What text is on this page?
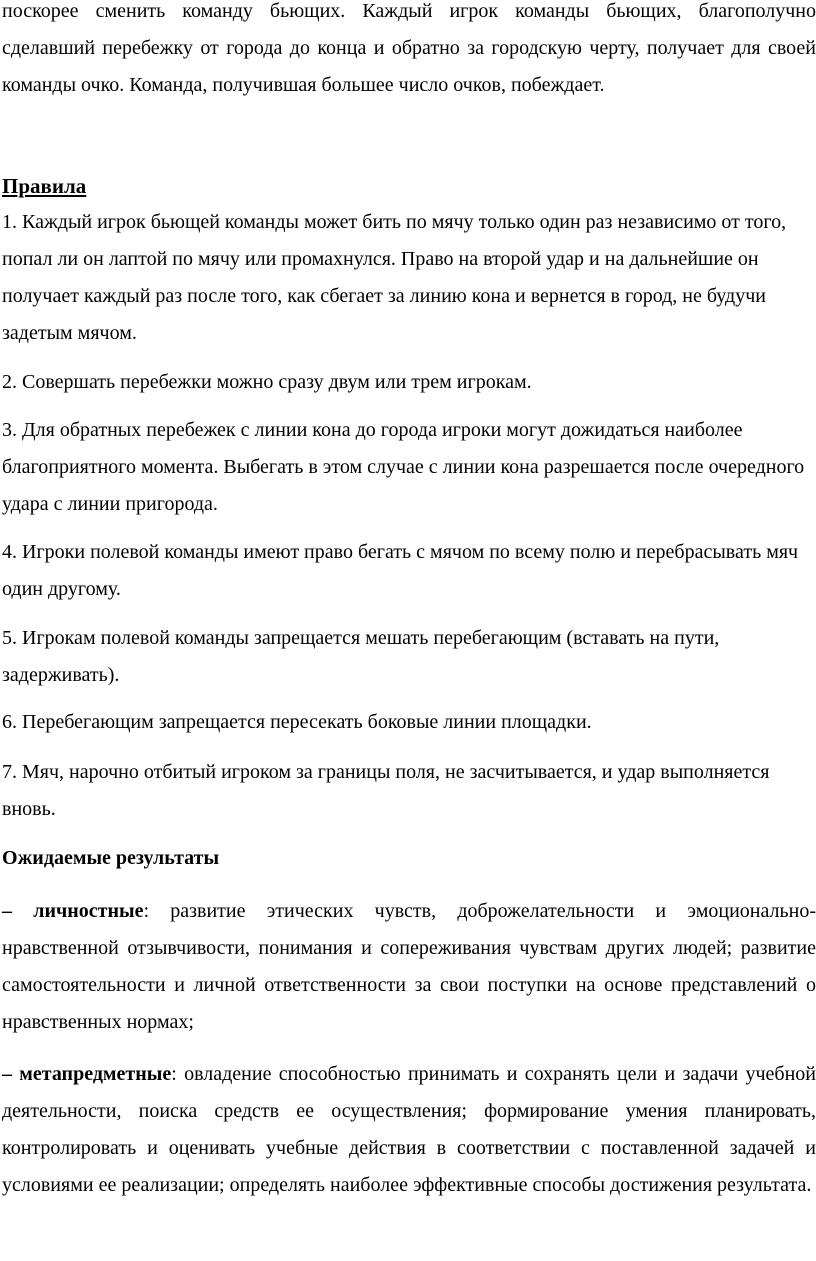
поскорее сменить команду бьющих. Каждый игрок команды бьющих, благополучно сделавший перебежку от города до конца и обратно за городскую черту, получает для своей команды очко. Команда, получившая большее число очков, побеждает.

Правила

1. Каждый игрок бьющей команды может бить по мячу только один раз независимо от того, попал ли он лаптой по мячу или промахнулся. Право на второй удар и на дальнейшие он получает каждый раз после того, как сбегает за линию кона и вернется в город, не будучи задетым мячом.

2. Совершать перебежки можно сразу двум или трем игрокам.

3. Для обратных перебежек с линии кона до города игроки могут дожидаться наиболее благоприятного момента. Выбегать в этом случае с линии кона разрешается после очередного удара с линии пригорода.

4. Игроки полевой команды имеют право бегать с мячом по всему полю и перебрасывать мяч один другому.

5. Игрокам полевой команды запрещается мешать перебегающим (вставать на пути, задерживать).

6. Перебегающим запрещается пересекать боковые линии площадки.

7. Мяч, нарочно отбитый игроком за границы поля, не засчитывается, и удар выполняется вновь.

Ожидаемые результаты

– личностные: развитие этических чувств, доброжелательности и эмоционально-нравственной отзывчивости, понимания и сопереживания чувствам других людей; развитие самостоятельности и личной ответственности за свои поступки на основе представлений о нравственных нормах;

– метапредметные: овладение способностью принимать и сохранять цели и задачи учебной деятельности, поиска средств ее осуществления; формирование умения планировать, контролировать и оценивать учебные действия в соответствии с поставленной задачей и условиями ее реализации; определять наиболее эффективные способы достижения результата.
